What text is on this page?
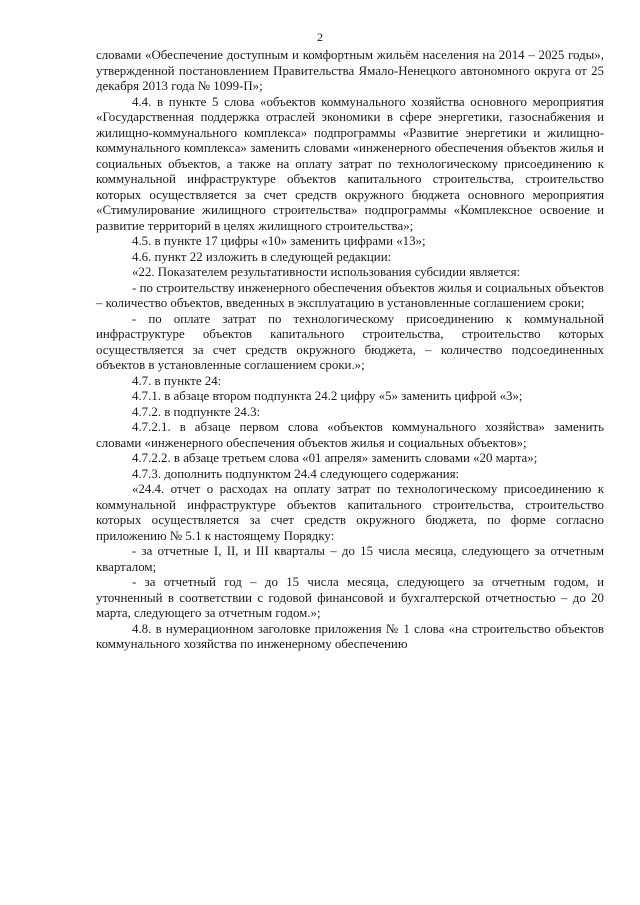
2

словами «Обеспечение доступным и комфортным жильём населения на 2014 – 2025 годы», утвержденной постановлением Правительства Ямало-Ненецкого автономного округа от 25 декабря 2013 года № 1099-П»;

4.4. в пункте 5 слова «объектов коммунального хозяйства основного мероприятия «Государственная поддержка отраслей экономики в сфере энергетики, газоснабжения и жилищно-коммунального комплекса» подпрограммы «Развитие энергетики и жилищно-коммунального комплекса» заменить словами «инженерного обеспечения объектов жилья и социальных объектов, а также на оплату затрат по технологическому присоединению к коммунальной инфраструктуре объектов капитального строительства, строительство которых осуществляется за счет средств окружного бюджета основного мероприятия «Стимулирование жилищного строительства» подпрограммы «Комплексное освоение и развитие территорий в целях жилищного строительства»;

4.5. в пункте 17 цифры «10» заменить цифрами «13»;

4.6. пункт 22 изложить в следующей редакции:

«22. Показателем результативности использования субсидии является:

- по строительству инженерного обеспечения объектов жилья и социальных объектов – количество объектов, введенных в эксплуатацию в установленные соглашением сроки;

- по оплате затрат по технологическому присоединению к коммунальной инфраструктуре объектов капитального строительства, строительство которых осуществляется за счет средств окружного бюджета, – количество подсоединенных объектов в установленные соглашением сроки.»;

4.7. в пункте 24:

4.7.1. в абзаце втором подпункта 24.2 цифру «5» заменить цифрой «3»;

4.7.2. в подпункте 24.3:

4.7.2.1. в абзаце первом слова «объектов коммунального хозяйства» заменить словами «инженерного обеспечения объектов жилья и социальных объектов»;

4.7.2.2. в абзаце третьем слова «01 апреля» заменить словами «20 марта»;

4.7.3. дополнить подпунктом 24.4 следующего содержания:

«24.4. отчет о расходах на оплату затрат по технологическому присоединению к коммунальной инфраструктуре объектов капитального строительства, строительство которых осуществляется за счет средств окружного бюджета, по форме согласно приложению № 5.1 к настоящему Порядку:

- за отчетные I, II, и III кварталы – до 15 числа месяца, следующего за отчетным кварталом;

- за отчетный год – до 15 числа месяца, следующего за отчетным годом, и уточненный в соответствии с годовой финансовой и бухгалтерской отчетностью – до 20 марта, следующего за отчетным годом.»;

4.8. в нумерационном заголовке приложения № 1 слова «на строительство объектов коммунального хозяйства по инженерному обеспечению
